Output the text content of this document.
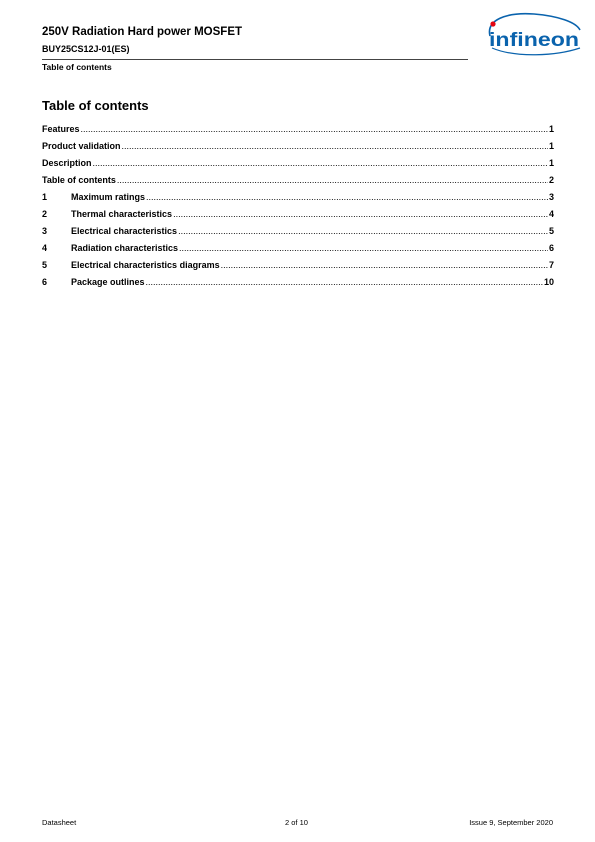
250V Radiation Hard power MOSFET
BUY25CS12J-01(ES)
Table of contents
infineon
Table of contents
Features .....	1
Product validation .....	1
Description .....	1
Table of contents .....	2
1	Maximum ratings .....	3
2	Thermal characteristics .....	4
3	Electrical characteristics .....	5
4	Radiation characteristics .....	6
5	Electrical characteristics diagrams .....	7
6	Package outlines .....	10
Datasheet	2 of 10	Issue 9, September 2020
